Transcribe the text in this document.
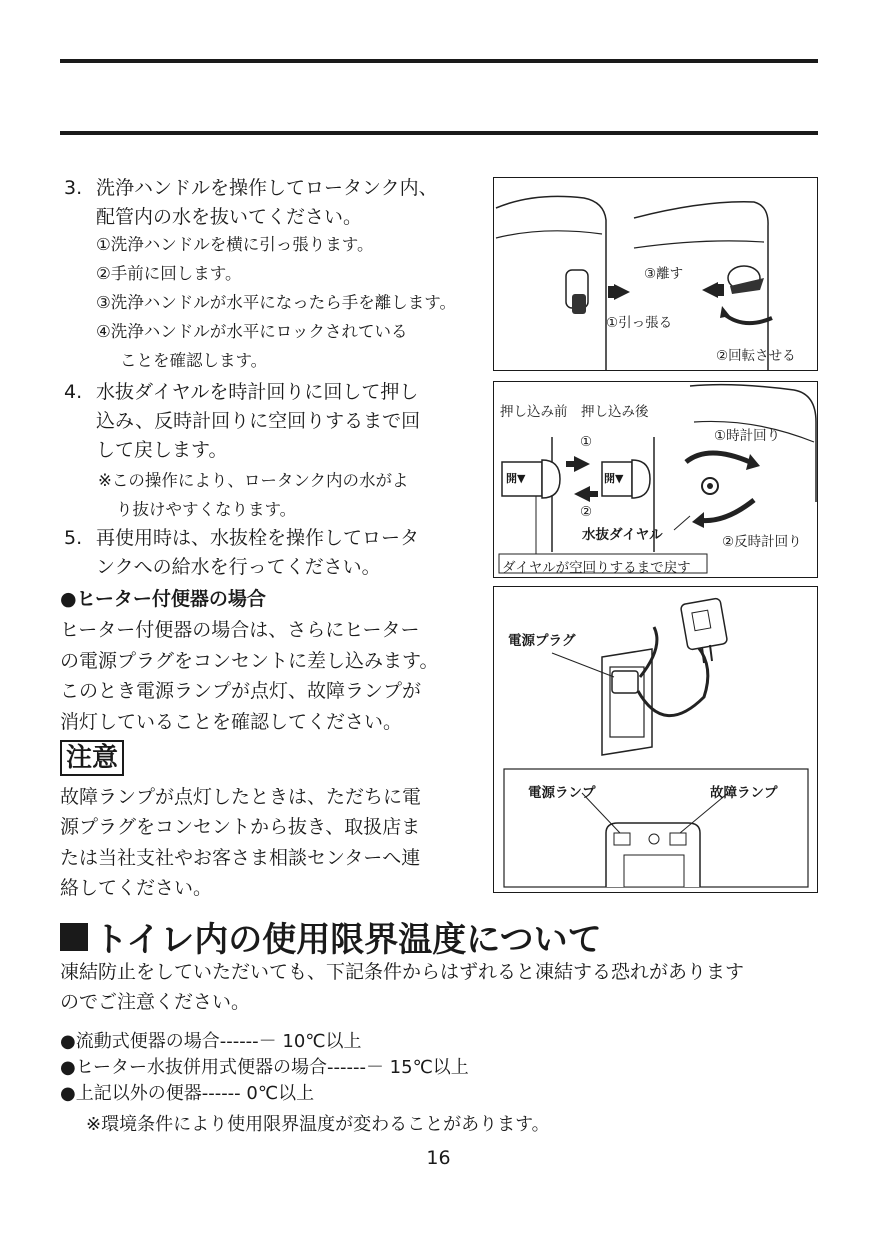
3. 洗浄ハンドルを操作してロータンク内、
配管内の水を抜いてください。
①洗浄ハンドルを横に引っ張ります。
②手前に回します。
③洗浄ハンドルが水平になったら手を離します。
④洗浄ハンドルが水平にロックされている
ことを確認します。
4. 水抜ダイヤルを時計回りに回して押し
込み、反時計回りに空回りするまで回
して戻します。
※この操作により、ロータンク内の水がよ
り抜けやすくなります。
5. 再使用時は、水抜栓を操作してロータ
ンクへの給水を行ってください。
●ヒーター付便器の場合
ヒーター付便器の場合は、さらにヒーター
の電源プラグをコンセントに差し込みます。
このとき電源ランプが点灯、故障ランプが
消灯していることを確認してください。
注意
故障ランプが点灯したときは、ただちに電
源プラグをコンセントから抜き、取扱店ま
たは当社支社やお客さま相談センターへ連
絡してください。
トイレ内の使用限界温度について
凍結防止をしていただいても、下記条件からはずれると凍結する恐れがあります
のでご注意ください。
●流動式便器の場合------－ 10℃以上
●ヒーター水抜併用式便器の場合------－ 15℃以上
●上記以外の便器------ 0℃以上
※環境条件により使用限界温度が変わることがあります。
16
③離す
①引っ張る
②回転させる
押し込み前　押し込み後
開▼	開▼
①
②
①時計回り
水抜ダイヤル	②反時計回り
ダイヤルが空回りするまで戻す
電源プラグ
電源ランプ	故障ランプ
